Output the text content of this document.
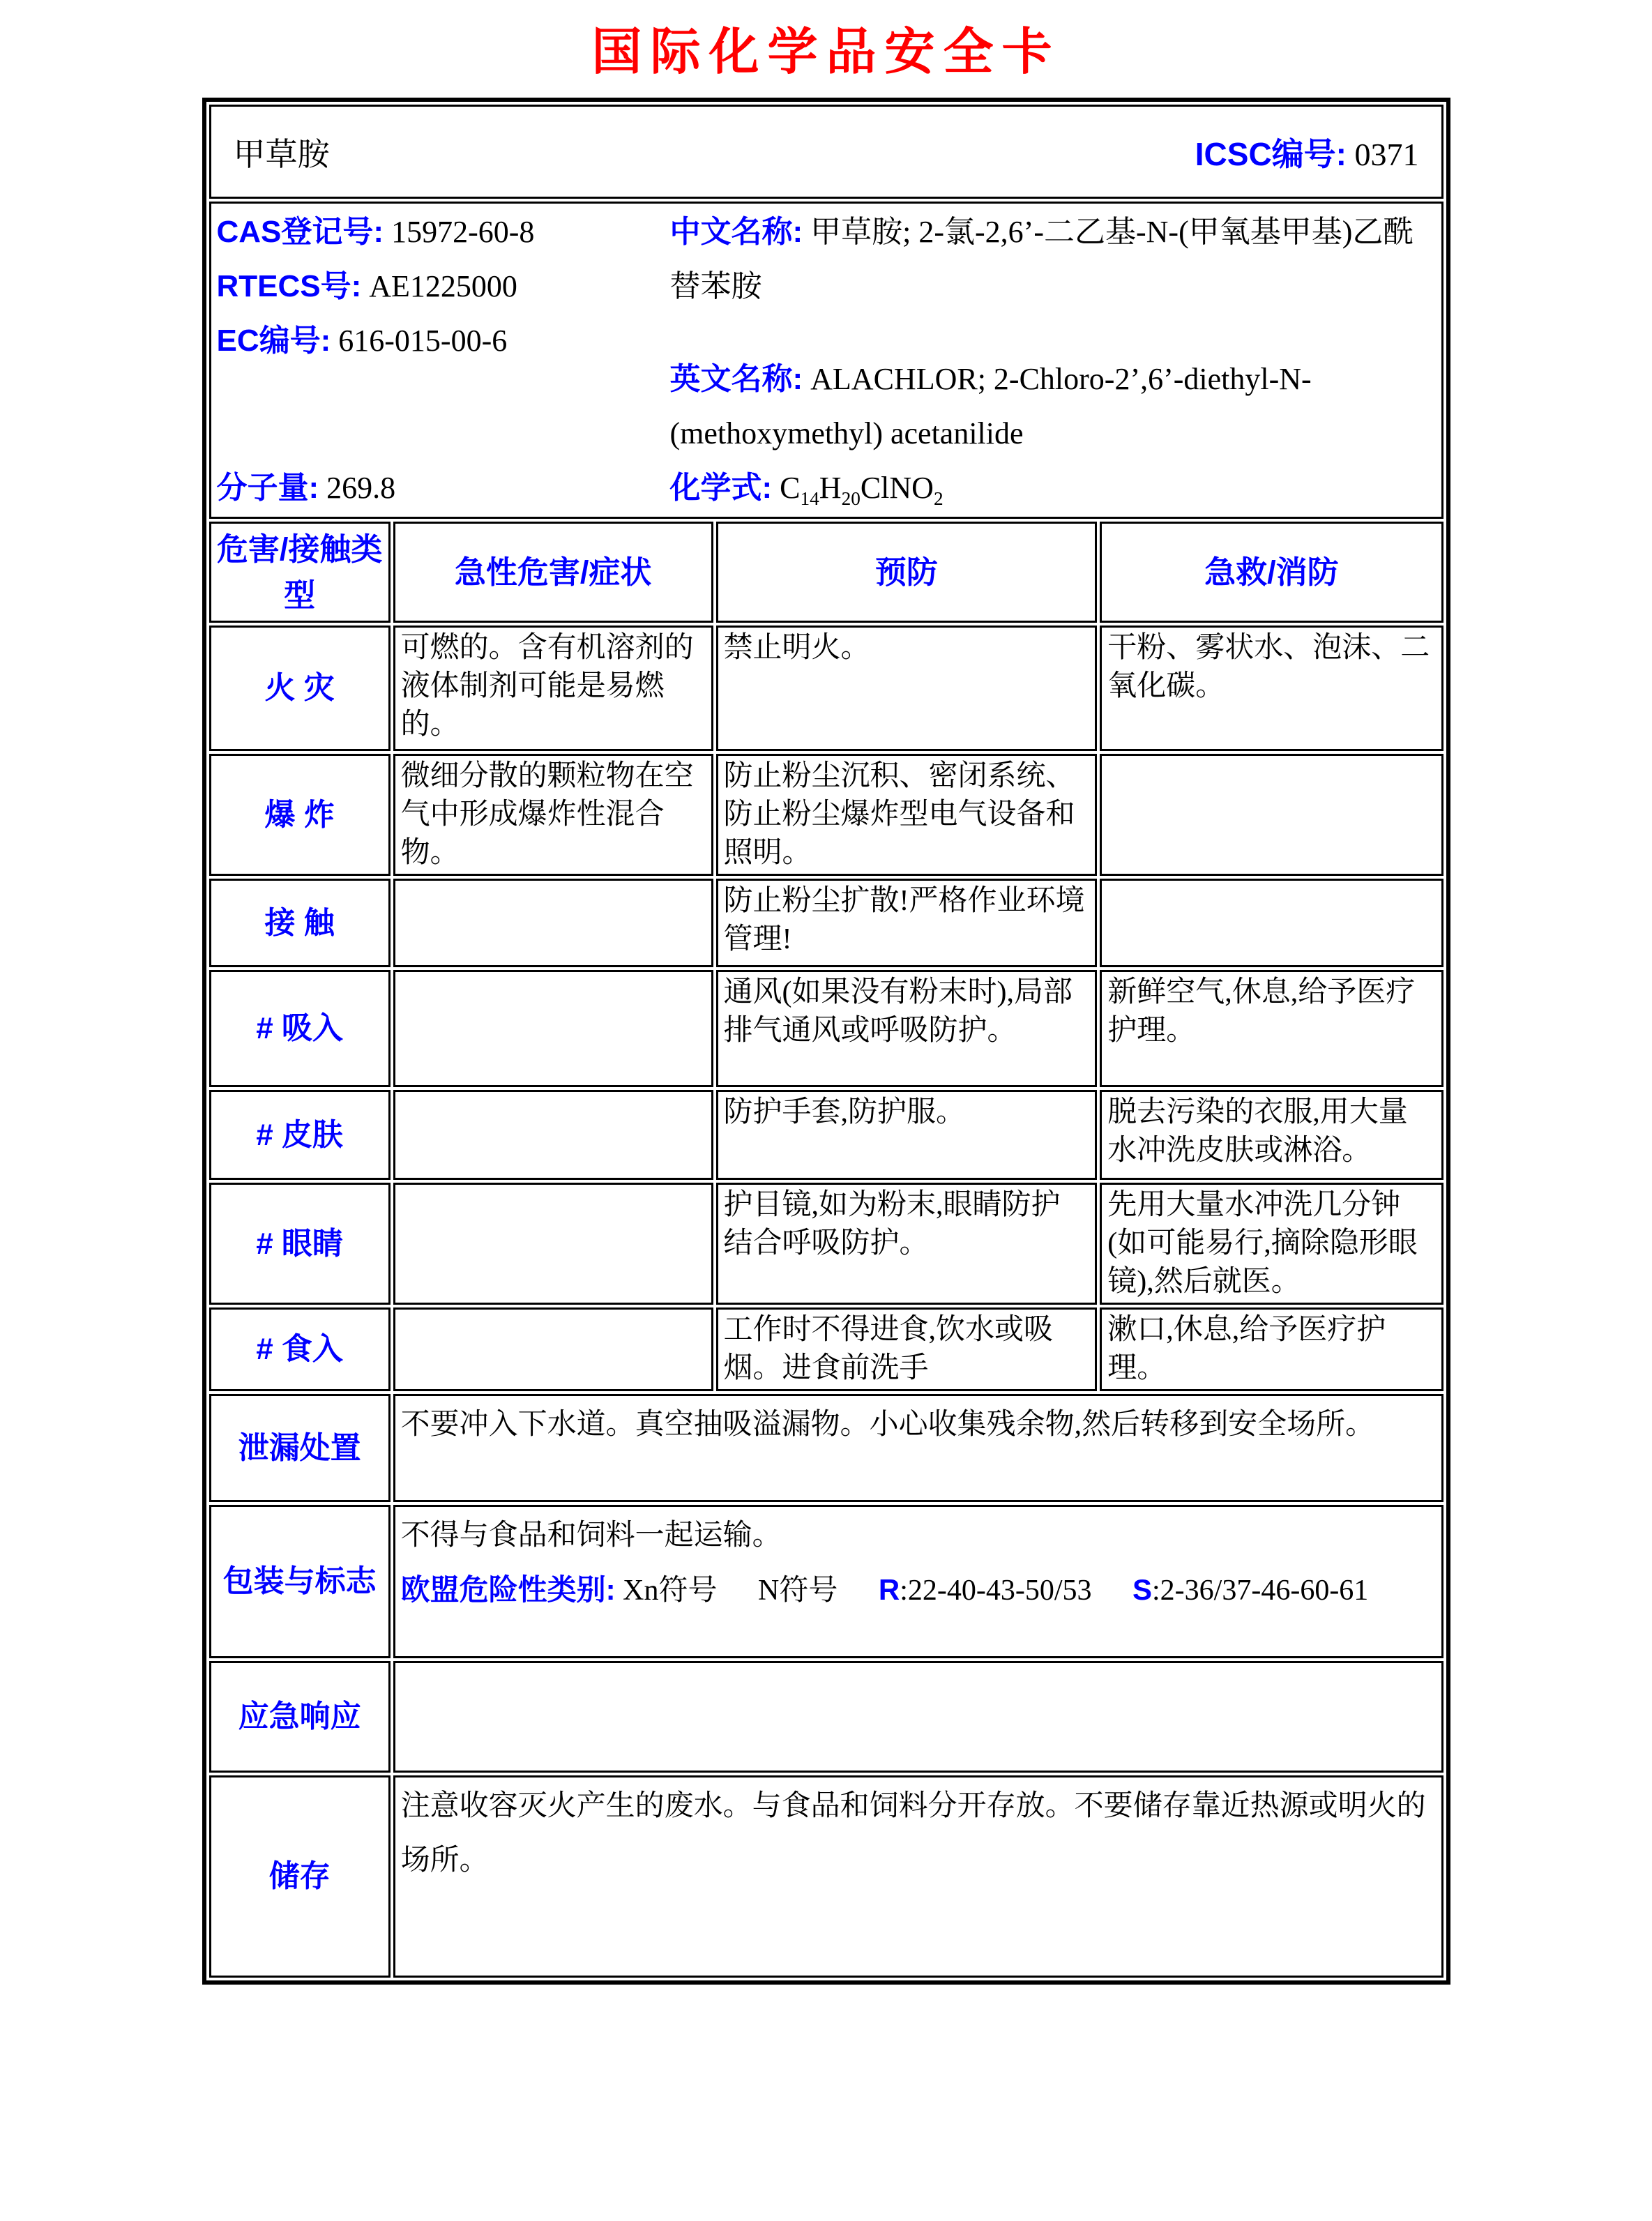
国际化学品安全卡
甲草胺 ICSC编号: 0371			

CAS登记号: 15972-60-8
RTECS号: AE1225000
EC编号: 616-015-00-6
中文名称: 甲草胺; 2-氯-2,6’-二乙基-N-(甲氧基甲基)乙酰替苯胺
英文名称: ALACHLOR; 2-Chloro-2’,6’-diethyl-N-(methoxymethyl) acetanilide
分子量: 269.8	化学式: $C_{14}H_{20}ClNO_2$

危害/接触类型	急性危害/症状	预防	急救/消防
火 灾	可燃的。含有机溶剂的液体制剂可能是易燃的。	禁止明火。	干粉、雾状水、泡沫、二氧化碳。
爆 炸	微细分散的颗粒物在空气中形成爆炸性混合物。	防止粉尘沉积、密闭系统、防止粉尘爆炸型电气设备和照明。	
接 触		防止粉尘扩散!严格作业环境管理!	
# 吸入		通风(如果没有粉末时),局部排气通风或呼吸防护。	新鲜空气,休息,给予医疗护理。
# 皮肤		防护手套,防护服。	脱去污染的衣服,用大量水冲洗皮肤或淋浴。
# 眼睛		护目镜,如为粉末,眼睛防护结合呼吸防护。	先用大量水冲洗几分钟(如可能易行,摘除隐形眼镜),然后就医。
# 食入		工作时不得进食,饮水或吸烟。进食前洗手	漱口,休息,给予医疗护理。
泄漏处置	不要冲入下水道。真空抽吸溢漏物。小心收集残余物,然后转移到安全场所。		
包装与标志	不得与食品和饲料一起运输。
欧盟危险性类别: Xn符号 N符号 R:22-40-43-50/53 S:2-36/37-46-60-61		

应急响应			
储存	注意收容灭火产生的废水。与食品和饲料分开存放。不要储存靠近热源或明火的场所。		
